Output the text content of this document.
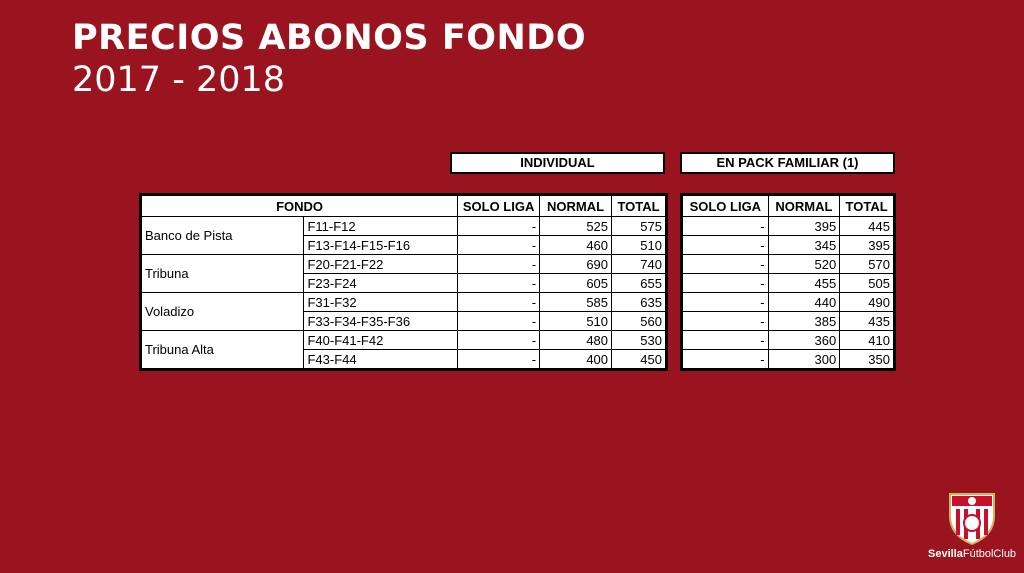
PRECIOS ABONOS FONDO
2017 - 2018
INDIVIDUAL	EN PACK FAMILIAR (1)
FONDO		SOLO LIGA	NORMAL	TOTAL
Banco de Pista	F11-F12	-	525	575
	F13-F14-F15-F16	-	460	510
Tribuna	F20-F21-F22	-	690	740
	F23-F24	-	605	655
Voladizo	F31-F32	-	585	635
	F33-F34-F35-F36	-	510	560
Tribuna Alta	F40-F41-F42	-	480	530
	F43-F44	-	400	450
SOLO LIGA	NORMAL	TOTAL
-	395	445
-	345	395
-	520	570
-	455	505
-	440	490
-	385	435
-	360	410
-	300	350
SevillaFútbolClub
